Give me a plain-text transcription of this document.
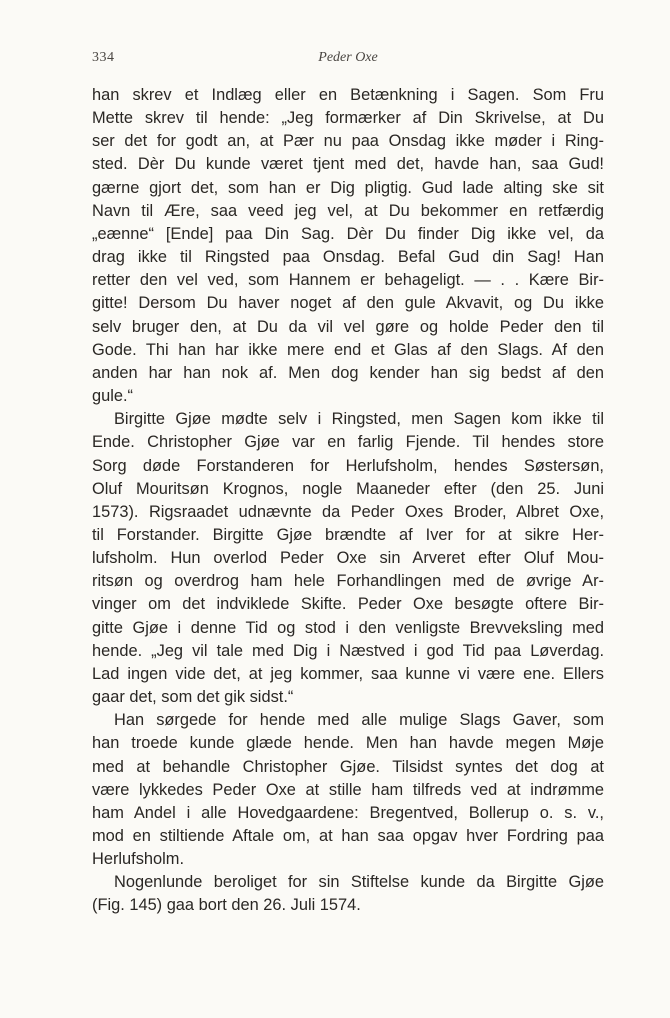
334	Peder Oxe

han skrev et Indlæg eller en Betænkning i Sagen. Som Fru
Mette skrev til hende: „Jeg formærker af Din Skrivelse, at Du
ser det for godt an, at Pær nu paa Onsdag ikke møder i Ring-
sted. Dèr Du kunde været tjent med det, havde han, saa Gud!
gærne gjort det, som han er Dig pligtig. Gud lade alting ske sit
Navn til Ære, saa veed jeg vel, at Du bekommer en retfærdig
„eænne“ [Ende] paa Din Sag. Dèr Du finder Dig ikke vel, da
drag ikke til Ringsted paa Onsdag. Befal Gud din Sag! Han
retter den vel ved, som Hannem er behageligt. — . . Kære Bir-
gitte! Dersom Du haver noget af den gule Akvavit, og Du ikke
selv bruger den, at Du da vil vel gøre og holde Peder den til
Gode. Thi han har ikke mere end et Glas af den Slags. Af den
anden har han nok af. Men dog kender han sig bedst af den
gule.“

Birgitte Gjøe mødte selv i Ringsted, men Sagen kom ikke til
Ende. Christopher Gjøe var en farlig Fjende. Til hendes store
Sorg døde Forstanderen for Herlufsholm, hendes Søstersøn,
Oluf Mouritsøn Krognos, nogle Maaneder efter (den 25. Juni
1573). Rigsraadet udnævnte da Peder Oxes Broder, Albret Oxe,
til Forstander. Birgitte Gjøe brændte af Iver for at sikre Her-
lufsholm. Hun overlod Peder Oxe sin Arveret efter Oluf Mou-
ritsøn og overdrog ham hele Forhandlingen med de øvrige Ar-
vinger om det indviklede Skifte. Peder Oxe besøgte oftere Bir-
gitte Gjøe i denne Tid og stod i den venligste Brevveksling med
hende. „Jeg vil tale med Dig i Næstved i god Tid paa Løverdag.
Lad ingen vide det, at jeg kommer, saa kunne vi være ene. Ellers
gaar det, som det gik sidst.“

Han sørgede for hende med alle mulige Slags Gaver, som
han troede kunde glæde hende. Men han havde megen Møje
med at behandle Christopher Gjøe. Tilsidst syntes det dog at
være lykkedes Peder Oxe at stille ham tilfreds ved at indrømme
ham Andel i alle Hovedgaardene: Bregentved, Bollerup o. s. v.,
mod en stiltiende Aftale om, at han saa opgav hver Fordring paa
Herlufsholm.

Nogenlunde beroliget for sin Stiftelse kunde da Birgitte Gjøe
(Fig. 145) gaa bort den 26. Juli 1574.
